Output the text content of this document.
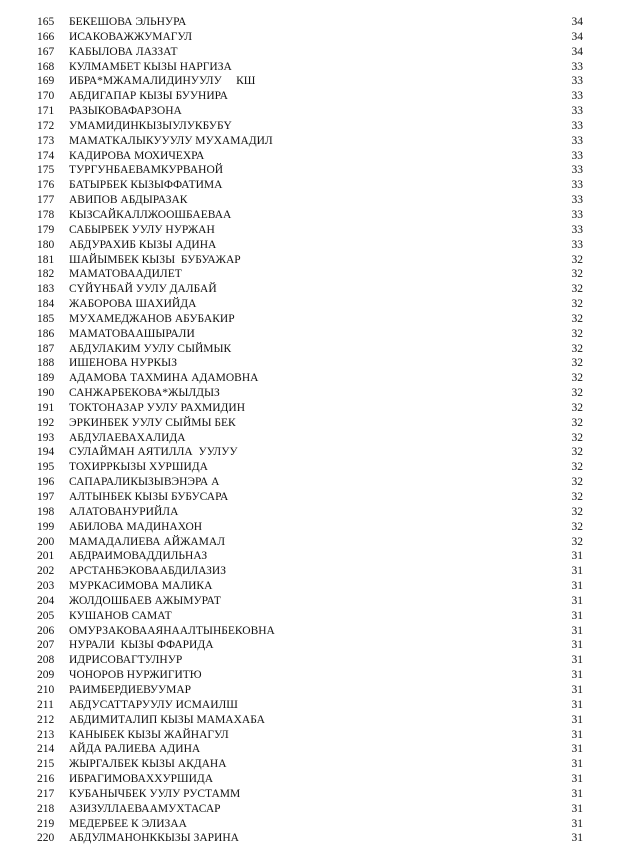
165	БЕКЕШОВА ЭЛЬНУРА	34
166	ИСАКОВАЖЖУМАГУЛ	34
167	КАБЫЛОВА ЛАЗЗАТ	34
168	КУЛМАМБЕТ КЫЗЫ НАРГИЗА	33
169	ИБРА*МЖАМАЛИДИНУУЛУ     КШ	33
170	АБДИГАПАР КЫЗЫ БУУНИРА	33
171	РАЗЫКОВАФАРЗОНА	33
172	УМАМИДИНКЫЗЫУЛУКБУБҮ	33
173	МАМАТКАЛЫКУУУЛУ МУХАМАДИЛ	33
174	КАДИРОВА МОХИЧЕХРА	33
175	ТУРГУНБАЕВАМКУРВАНОЙ	33
176	БАТЫРБЕК КЫЗЫФФАТИМА	33
177	АВИПОВ АБДЫРАЗАК	33
178	КЫЗСАЙКАЛЛЖООШБАЕВАА	33
179	САБЫРБЕК УУЛУ НУРЖАН	33
180	АБДУРАХИБ КЫЗЫ АДИНА	33
181	ШАЙЫМБЕК КЫЗЫ  БУБУАЖАР	32
182	МАМАТОВААДИЛЕТ	32
183	СҮЙҮНБАЙ УУЛУ ДАЛБАЙ	32
184	ЖАБОРОВА ШАХИЙДА	32
185	МУХАМЕДЖАНОВ АБУБАКИР	32
186	МАМАТОВААШЫРАЛИ	32
187	АБДУЛАКИМ УУЛУ СЫЙМЫК	32
188	ИШЕНОВА НУРКЫЗ	32
189	АДАМОВА ТАХМИНА АДАМОВНА	32
190	САНЖАРБЕКОВА*ЖЫЛДЫЗ	32
191	ТОКТОНАЗАР УУЛУ РАХМИДИН	32
192	ЭРКИНБЕК УУЛУ СЫЙМЫ БЕК	32
193	АБДУЛАЕВАХАЛИДА	32
194	СУЛАЙМАН АЯТИЛЛА  УУЛУУ	32
195	ТОХИРРКЫЗЫ ХУРШИДА	32
196	САПАРАЛИКЫЗЫВЭНЭРА А	32
197	АЛТЫНБЕК КЫЗЫ БУБУСАРА	32
198	АЛАТОВАНУРИЙЛА	32
199	АБИЛОВА МАДИНАХОН	32
200	МАМАДАЛИЕВА АЙЖАМАЛ	32
201	АБДРАИМОВАДДИЛЬНАЗ	31
202	АРСТАНБЭКОВААБДИЛАЗИЗ	31
203	МУРКАСИМОВА МАЛИКА	31
204	ЖОЛДОШБАЕВ АЖЫМУРАТ	31
205	КУШАНОВ САМАТ	31
206	ОМУРЗАКОВААЯНААЛТЫНБЕКОВНА	31
207	НУРАЛИ  КЫЗЫ ФФАРИДА	31
208	ИДРИСОВАГТУЛНУР	31
209	ЧОНОРОВ НУРЖИГИТЮ	31
210	РАИМБЕРДИЕВУУМАР	31
211	АБДУСАТТАРУУЛУ ИСМАИЛШ	31
212	АБДИМИТАЛИП КЫЗЫ МАМАХАБА	31
213	КАНЫБЕК КЫЗЫ ЖАЙНАГУЛ	31
214	АЙДА РАЛИЕВА АДИНА	31
215	ЖЫРГАЛБЕК КЫЗЫ АКДАНА	31
216	ИБРАГИМОВАХХУРШИДА	31
217	КУБАНЫЧБЕК УУЛУ РУСТАММ	31
218	АЗИЗУЛЛАЕВААМУХТАСАР	31
219	МЕДЕРБЕЕ К ЭЛИЗАА	31
220	АБДУЛМАНОНККЫЗЫ ЗАРИНА	31
